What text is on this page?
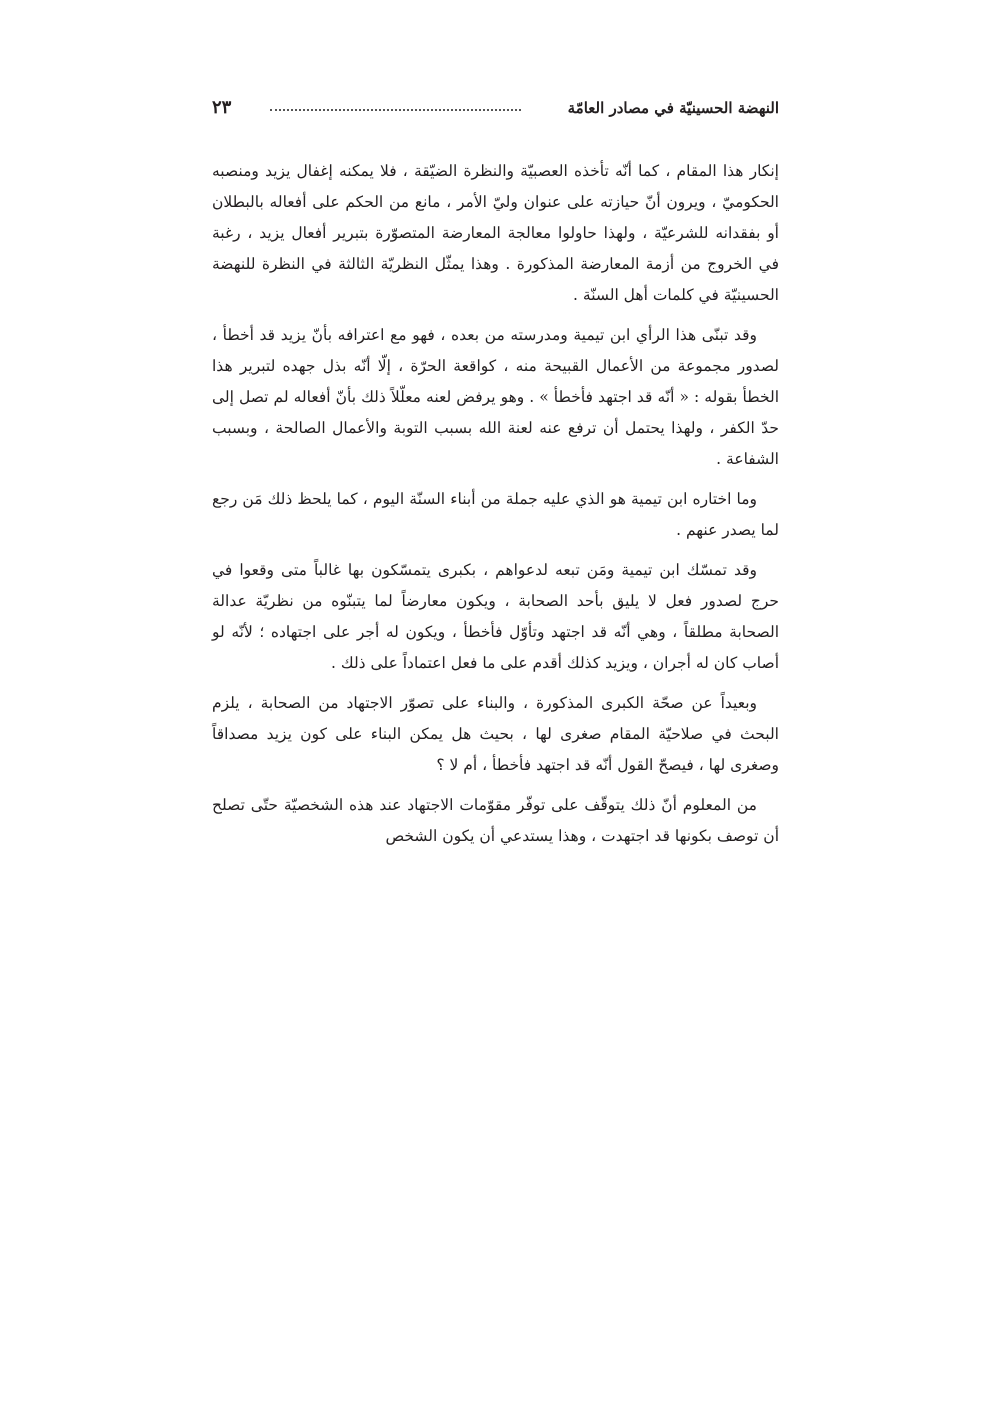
النهضة الحسينيّة في مصادر العامّة
٢٣

إنكار هذا المقام ، كما أنّه تأخذه العصبيّة والنظرة الضيّقة ، فلا يمكنه إغفال يزيد ومنصبه الحكوميّ ، ويرون أنّ حيازته على عنوان وليّ الأمر ، مانع من الحكم على أفعاله بالبطلان أو بفقدانه للشرعيّة ، ولهذا حاولوا معالجة المعارضة المتصوّرة بتبرير أفعال يزيد ، رغبة في الخروج من أزمة المعارضة المذكورة . وهذا يمثّل النظريّة الثالثة في النظرة للنهضة الحسينيّة في كلمات أهل السنّة .

وقد تبنّى هذا الرأي ابن تيمية ومدرسته من بعده ، فهو مع اعترافه بأنّ يزيد قد أخطأ ، لصدور مجموعة من الأعمال القبيحة منه ، كواقعة الحرّة ، إلّا أنّه بذل جهده لتبرير هذا الخطأ بقوله : « أنّه قد اجتهد فأخطأ » . وهو يرفض لعنه معلّلاً ذلك بأنّ أفعاله لم تصل إلى حدّ الكفر ، ولهذا يحتمل أن ترفع عنه لعنة الله بسبب التوبة والأعمال الصالحة ، وبسبب الشفاعة .

وما اختاره ابن تيمية هو الذي عليه جملة من أبناء السنّة اليوم ، كما يلحظ ذلك مَن رجع لما يصدر عنهم .

وقد تمسّك ابن تيمية ومَن تبعه لدعواهم ، بكبرى يتمسّكون بها غالباً متى وقعوا في حرج لصدور فعل لا يليق بأحد الصحابة ، ويكون معارضاً لما يتبنّوه من نظريّة عدالة الصحابة مطلقاً ، وهي أنّه قد اجتهد وتأوّل فأخطأ ، ويكون له أجر على اجتهاده ؛ لأنّه لو أصاب كان له أجران ، ويزيد كذلك أقدم على ما فعل اعتماداً على ذلك .

وبعيداً عن صحّة الكبرى المذكورة ، والبناء على تصوّر الاجتهاد من الصحابة ، يلزم البحث في صلاحيّة المقام صغرى لها ، بحيث هل يمكن البناء على كون يزيد مصداقاً وصغرى لها ، فيصحّ القول أنّه قد اجتهد فأخطأ ، أم لا ؟

من المعلوم أنّ ذلك يتوقّف على توفّر مقوّمات الاجتهاد عند هذه الشخصيّة حتّى تصلح أن توصف بكونها قد اجتهدت ، وهذا يستدعي أن يكون الشخص
